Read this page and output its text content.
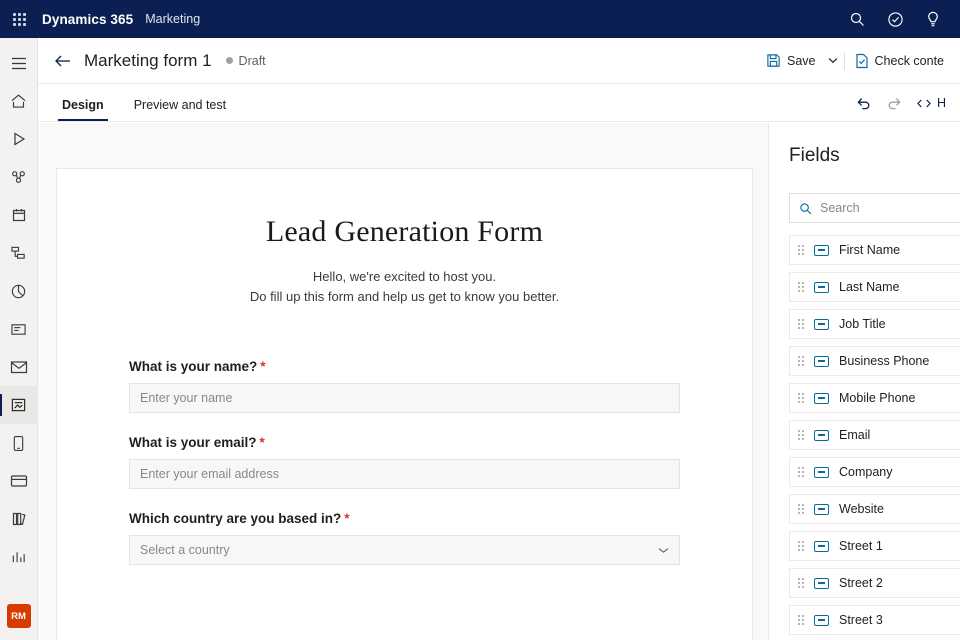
Dynamics 365 Marketing
RM
Marketing form 1 Draft	Save	Check conte
Design	Preview and test	H
Lead Generation Form
Hello, we're excited to host you.
Do fill up this form and help us get to know you better.
What is your name? *
Enter your name
What is your email? *
Enter your email address
Which country are you based in? *
Select a country
Fields
Search
First Name
Last Name
Job Title
Business Phone
Mobile Phone
Email
Company
Website
Street 1
Street 2
Street 3
